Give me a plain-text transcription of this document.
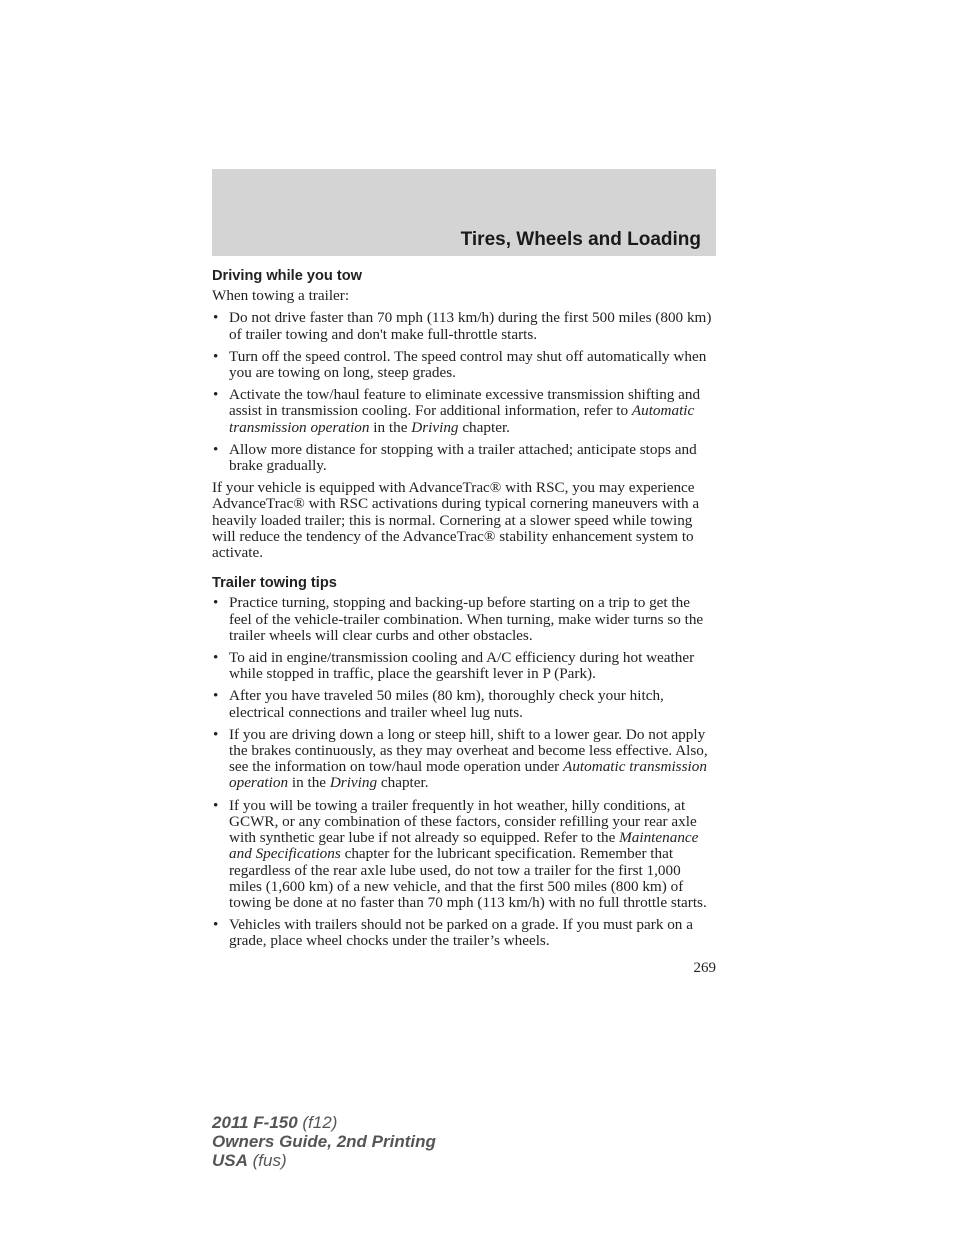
Tires, Wheels and Loading
Driving while you tow

When towing a trailer:

• Do not drive faster than 70 mph (113 km/h) during the first 500 miles (800 km) of trailer towing and don't make full-throttle starts.
• Turn off the speed control. The speed control may shut off automatically when you are towing on long, steep grades.
• Activate the tow/haul feature to eliminate excessive transmission shifting and assist in transmission cooling. For additional information, refer to Automatic transmission operation in the Driving chapter.
• Allow more distance for stopping with a trailer attached; anticipate stops and brake gradually.

If your vehicle is equipped with AdvanceTrac® with RSC, you may experience AdvanceTrac® with RSC activations during typical cornering maneuvers with a heavily loaded trailer; this is normal. Cornering at a slower speed while towing will reduce the tendency of the AdvanceTrac® stability enhancement system to activate.

Trailer towing tips
• Practice turning, stopping and backing-up before starting on a trip to get the feel of the vehicle-trailer combination. When turning, make wider turns so the trailer wheels will clear curbs and other obstacles.
• To aid in engine/transmission cooling and A/C efficiency during hot weather while stopped in traffic, place the gearshift lever in P (Park).
• After you have traveled 50 miles (80 km), thoroughly check your hitch, electrical connections and trailer wheel lug nuts.
• If you are driving down a long or steep hill, shift to a lower gear. Do not apply the brakes continuously, as they may overheat and become less effective. Also, see the information on tow/haul mode operation under Automatic transmission operation in the Driving chapter.
• If you will be towing a trailer frequently in hot weather, hilly conditions, at GCWR, or any combination of these factors, consider refilling your rear axle with synthetic gear lube if not already so equipped. Refer to the Maintenance and Specifications chapter for the lubricant specification. Remember that regardless of the rear axle lube used, do not tow a trailer for the first 1,000 miles (1,600 km) of a new vehicle, and that the first 500 miles (800 km) of towing be done at no faster than 70 mph (113 km/h) with no full throttle starts.
• Vehicles with trailers should not be parked on a grade. If you must park on a grade, place wheel chocks under the trailer’s wheels.
269
2011 F-150 (f12)
Owners Guide, 2nd Printing
USA (fus)
